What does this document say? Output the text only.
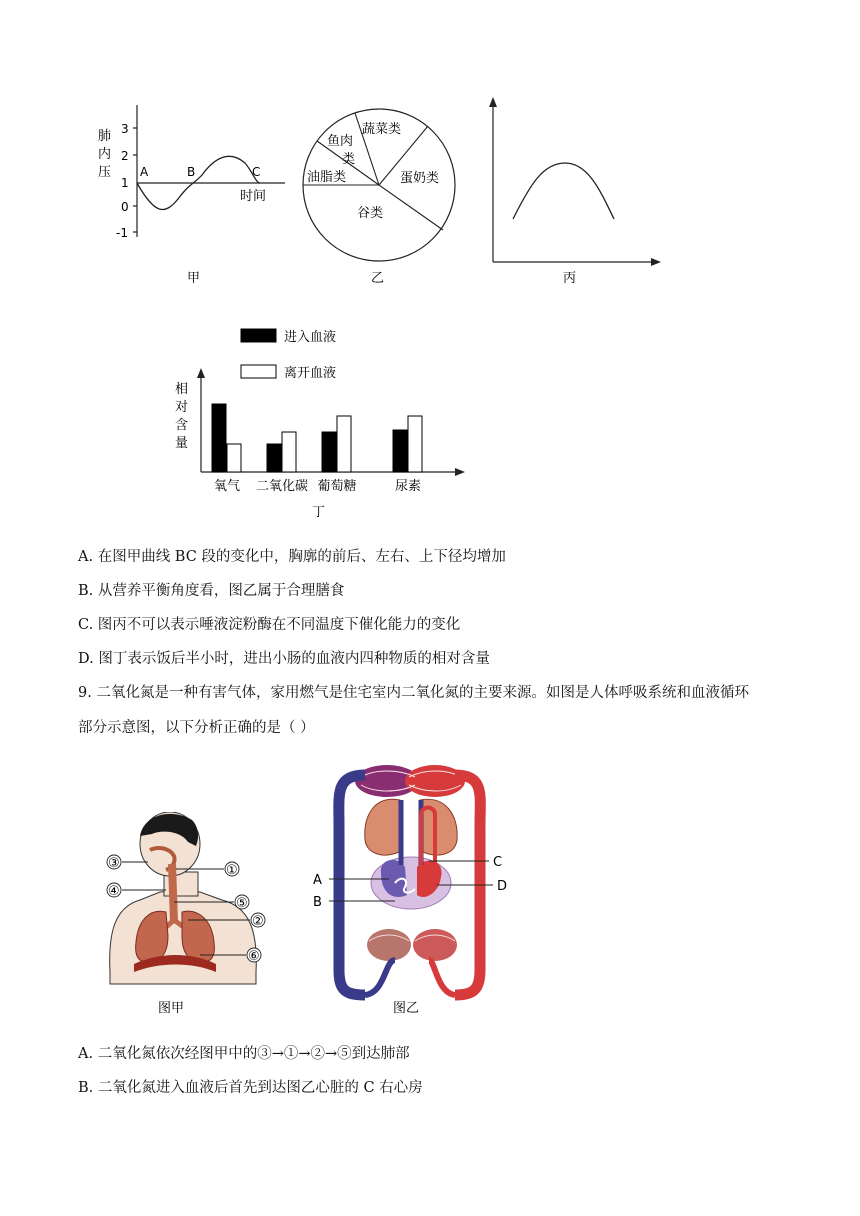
肺
内
压
3
2
1
0
-1
A	B	C
时间
甲
蔬菜类
鱼肉
类
油脂类	蛋奶类
谷类
乙	丙
进入血液
离开血液
相
对
含
量
氧气 二氧化碳 葡萄糖	尿素
丁
A. 在图甲曲线 BC 段的变化中，胸廓的前后、左右、上下径均增加
B. 从营养平衡角度看，图乙属于合理膳食
C. 图丙不可以表示唾液淀粉酶在不同温度下催化能力的变化
D. 图丁表示饭后半小时，进出小肠的血液内四种物质的相对含量
9. 二氧化氮是一种有害气体，家用燃气是住宅室内二氧化氮的主要来源。如图是人体呼吸系统和血液循环
部分示意图，以下分析正确的是（ ）
③	①
④
⑤
②
⑥
图甲
A
B
C
D
图乙
A. 二氧化氮依次经图甲中的③→①→②→⑤到达肺部
B. 二氧化氮进入血液后首先到达图乙心脏的 C 右心房
